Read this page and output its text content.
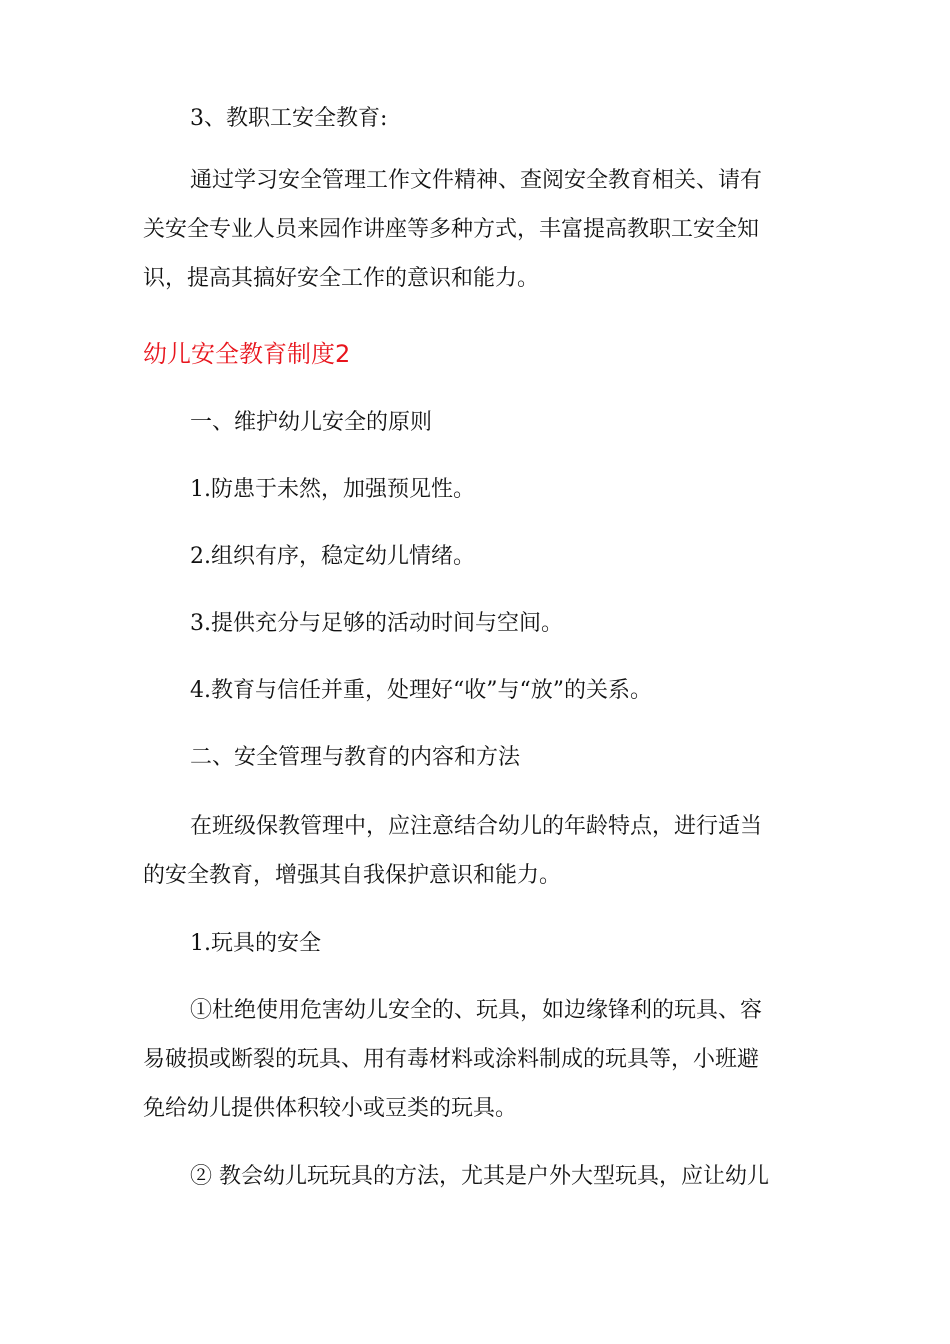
3、教职工安全教育:

通过学习安全管理工作文件精神、查阅安全教育相关、请有

关安全专业人员来园作讲座等多种方式，丰富提高教职工安全知

识，提高其搞好安全工作的意识和能力。

幼儿安全教育制度2

一、维护幼儿安全的原则

1.防患于未然，加强预见性。

2.组织有序，稳定幼儿情绪。

3.提供充分与足够的活动时间与空间。

4.教育与信任并重，处理好“收”与“放”的关系。

二、安全管理与教育的内容和方法

在班级保教管理中，应注意结合幼儿的年龄特点，进行适当

的安全教育，增强其自我保护意识和能力。

1.玩具的安全

①杜绝使用危害幼儿安全的、玩具，如边缘锋利的玩具、容

易破损或断裂的玩具、用有毒材料或涂料制成的玩具等，小班避

免给幼儿提供体积较小或豆类的玩具。

② 教会幼儿玩玩具的方法，尤其是户外大型玩具，应让幼儿
